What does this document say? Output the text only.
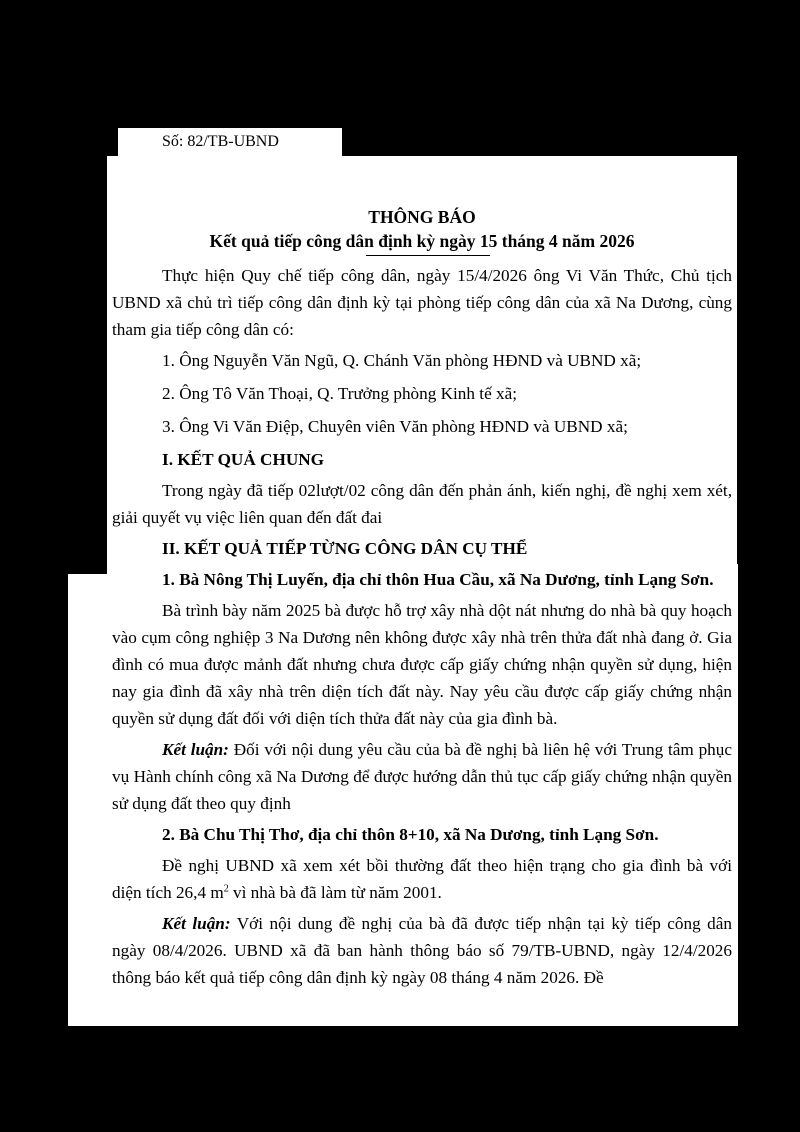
Số: 82/TB-UBND

THÔNG BÁO

Kết quả tiếp công dân định kỳ ngày 15 tháng 4 năm 2026

Thực hiện Quy chế tiếp công dân, ngày 15/4/2026 ông Vi Văn Thức, Chủ tịch UBND xã chủ trì tiếp công dân định kỳ tại phòng tiếp công dân của xã Na Dương, cùng tham gia tiếp công dân có:

1. Ông Nguyễn Văn Ngũ, Q. Chánh Văn phòng HĐND và UBND xã;

2. Ông Tô Văn Thoại, Q. Trưởng phòng Kinh tế xã;

3. Ông Vi Văn Điệp, Chuyên viên Văn phòng HĐND và UBND xã;

I. KẾT QUẢ CHUNG

Trong ngày đã tiếp 02lượt/02 công dân đến phản ánh, kiến nghị, đề nghị xem xét, giải quyết vụ việc liên quan đến đất đai

II. KẾT QUẢ TIẾP TỪNG CÔNG DÂN CỤ THỂ

1. Bà Nông Thị Luyến, địa chỉ thôn Hua Cầu, xã Na Dương, tỉnh Lạng Sơn.

Bà trình bày năm 2025 bà được hỗ trợ xây nhà dột nát nhưng do nhà bà quy hoạch vào cụm công nghiệp 3 Na Dương nên không được xây nhà trên thửa đất nhà đang ở. Gia đình có mua được mảnh đất nhưng chưa được cấp giấy chứng nhận quyền sử dụng, hiện nay gia đình đã xây nhà trên diện tích đất này. Nay yêu cầu được cấp giấy chứng nhận quyền sử dụng đất đối với diện tích thửa đất này của gia đình bà.

Kết luận: Đối với nội dung yêu cầu của bà đề nghị bà liên hệ với Trung tâm phục vụ Hành chính công xã Na Dương để được hướng dẫn thủ tục cấp giấy chứng nhận quyền sử dụng đất theo quy định

2. Bà Chu Thị Thơ, địa chỉ thôn 8+10, xã Na Dương, tỉnh Lạng Sơn.

Đề nghị UBND xã xem xét bồi thường đất theo hiện trạng cho gia đình bà với diện tích 26,4 $m^2$ vì nhà bà đã làm từ năm 2001.

Kết luận: Với nội dung đề nghị của bà đã được tiếp nhận tại kỳ tiếp công dân ngày 08/4/2026. UBND xã đã ban hành thông báo số 79/TB-UBND, ngày 12/4/2026 thông báo kết quả tiếp công dân định kỳ ngày 08 tháng 4 năm 2026. Đề
